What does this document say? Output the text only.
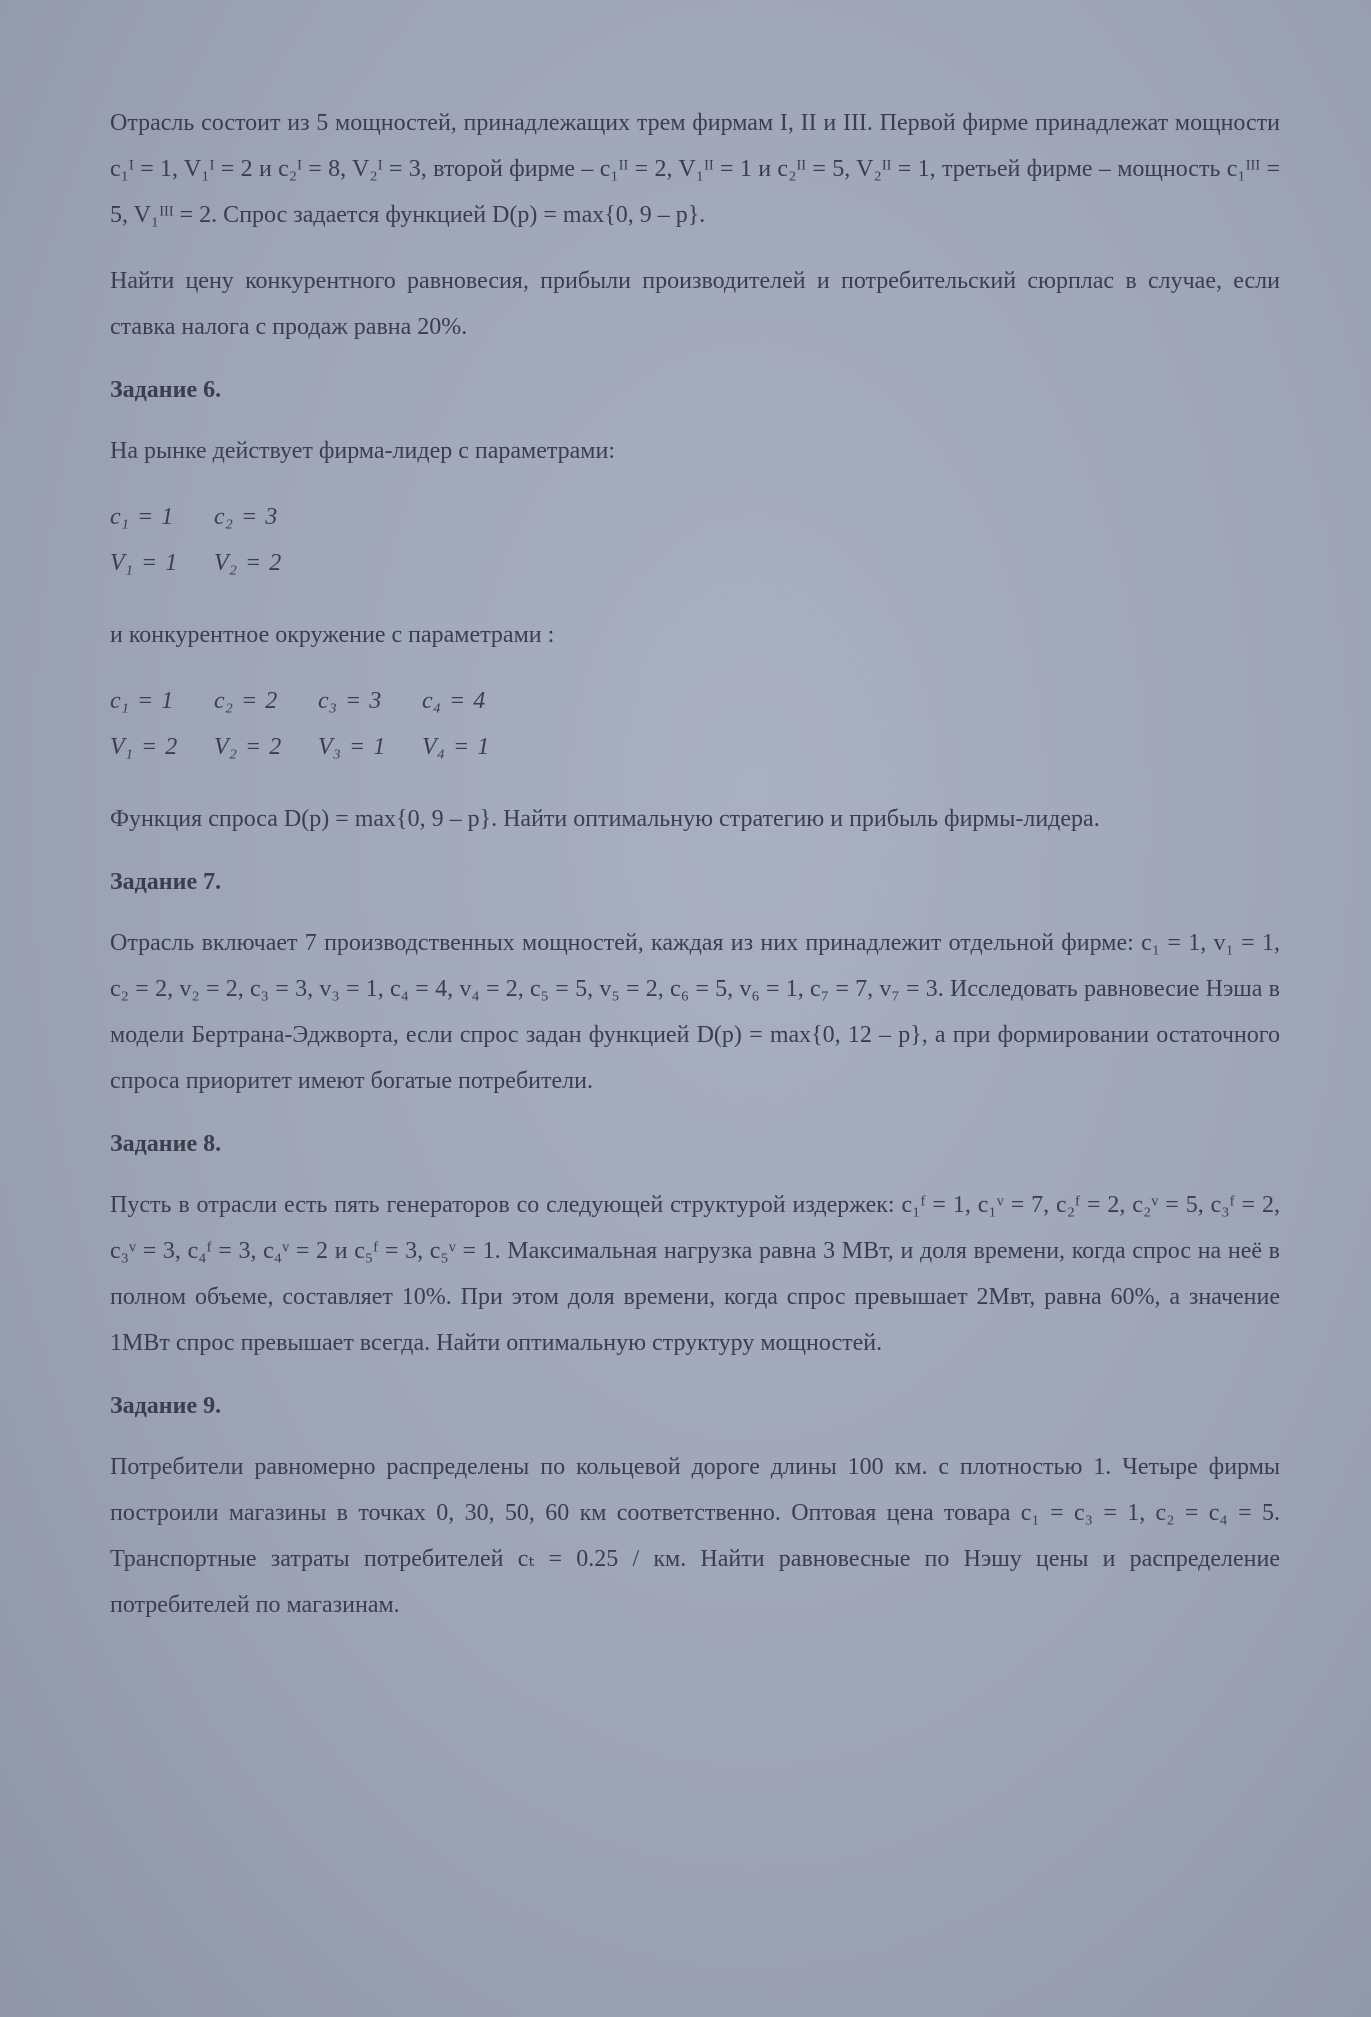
Отрасль состоит из 5 мощностей, принадлежащих трем фирмам I, II и III. Первой фирме принадлежат мощности c₁ᴵ = 1, V₁ᴵ = 2 и c₂ᴵ = 8, V₂ᴵ = 3, второй фирме – c₁ᴵᴵ = 2, V₁ᴵᴵ = 1 и c₂ᴵᴵ = 5, V₂ᴵᴵ = 1, третьей фирме – мощность c₁ᴵᴵᴵ = 5, V₁ᴵᴵᴵ = 2. Спрос задается функцией D(p) = max{0, 9 – p}.

Найти цену конкурентного равновесия, прибыли производителей и потребительский сюрплас в случае, если ставка налога с продаж равна 20%.

Задание 6.

На рынке действует фирма-лидер с параметрами:

c₁ = 1 c₂ = 3
V₁ = 1 V₂ = 2

и конкурентное окружение с параметрами :

c₁ = 1 c₂ = 2 c₃ = 3 c₄ = 4
V₁ = 2 V₂ = 2 V₃ = 1 V₄ = 1

Функция спроса D(p) = max{0, 9 – p}. Найти оптимальную стратегию и прибыль фирмы-лидера.

Задание 7.

Отрасль включает 7 производственных мощностей, каждая из них принадлежит отдельной фирме: c₁ = 1, v₁ = 1, c₂ = 2, v₂ = 2, c₃ = 3, v₃ = 1, c₄ = 4, v₄ = 2, c₅ = 5, v₅ = 2, c₆ = 5, v₆ = 1, c₇ = 7, v₇ = 3. Исследовать равновесие Нэша в модели Бертрана-Эджворта, если спрос задан функцией D(p) = max{0, 12 – p}, а при формировании остаточного спроса приоритет имеют богатые потребители.

Задание 8.

Пусть в отрасли есть пять генераторов со следующей структурой издержек: c₁ᶠ = 1, c₁ᵛ = 7, c₂ᶠ = 2, c₂ᵛ = 5, c₃ᶠ = 2, c₃ᵛ = 3, c₄ᶠ = 3, c₄ᵛ = 2 и c₅ᶠ = 3, c₅ᵛ = 1. Максимальная нагрузка равна 3 МВт, и доля времени, когда спрос на неё в полном объеме, составляет 10%. При этом доля времени, когда спрос превышает 2Мвт, равна 60%, а значение 1МВт спрос превышает всегда. Найти оптимальную структуру мощностей.

Задание 9.

Потребители равномерно распределены по кольцевой дороге длины 100 км. с плотностью 1. Четыре фирмы построили магазины в точках 0, 30, 50, 60 км соответственно. Оптовая цена товара c₁ = c₃ = 1, c₂ = c₄ = 5. Транспортные затраты потребителей cₜ = 0.25 / км. Найти равновесные по Нэшу цены и распределение потребителей по магазинам.
